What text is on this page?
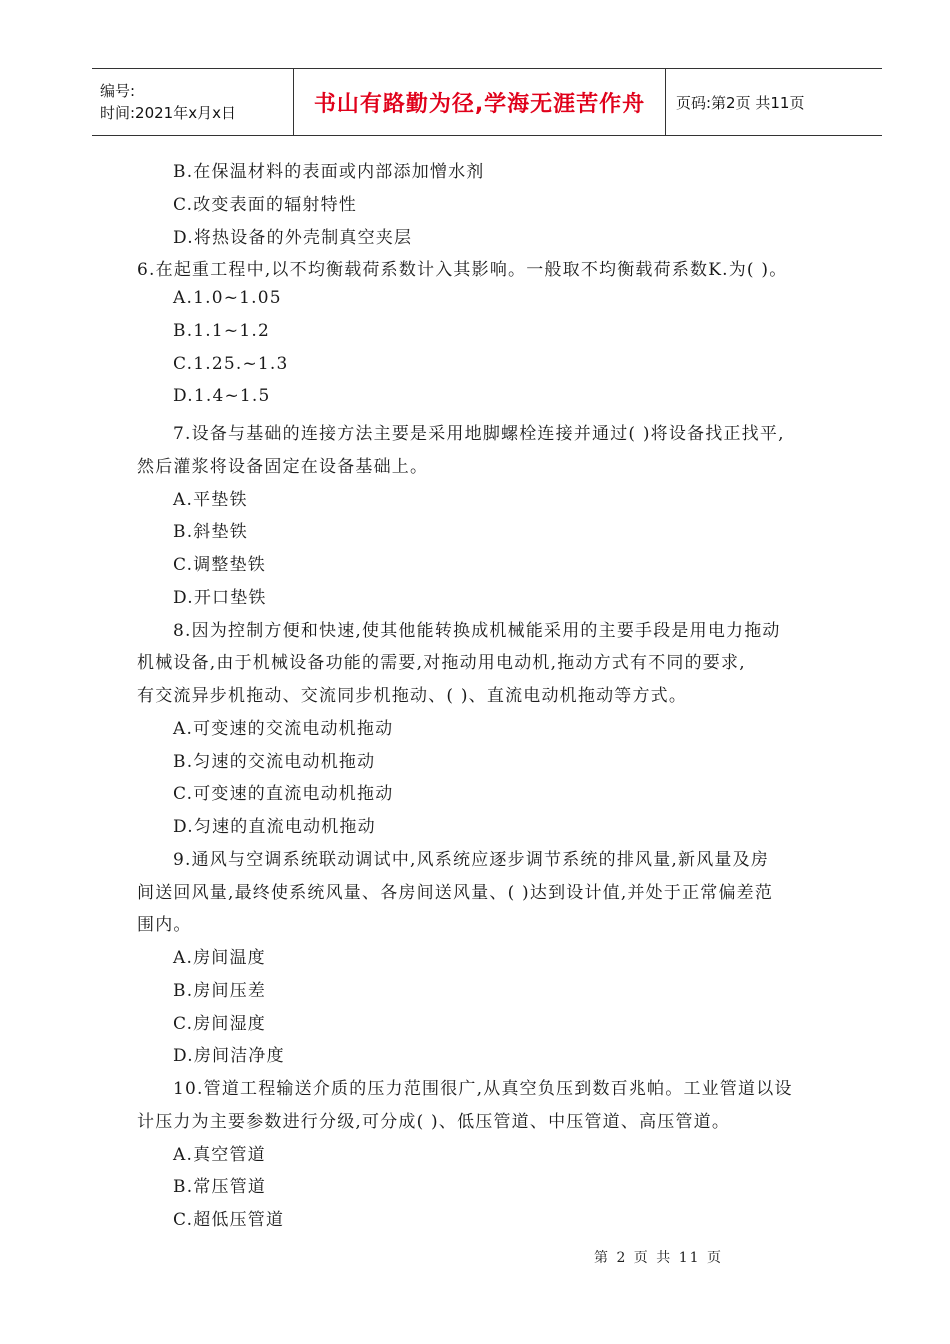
编号:
时间:2021年x月x日	书山有路勤为径,学海无涯苦作舟	页码:第2页 共11页
B.在保温材料的表面或内部添加憎水剂
C.改变表面的辐射特性
D.将热设备的外壳制真空夹层
6.在起重工程中,以不均衡载荷系数计入其影响。一般取不均衡载荷系数K.为( )。
A.1.0~1.05
B.1.1~1.2
C.1.25.~1.3
D.1.4~1.5
7.设备与基础的连接方法主要是采用地脚螺栓连接并通过( )将设备找正找平,
然后灌浆将设备固定在设备基础上。
A.平垫铁
B.斜垫铁
C.调整垫铁
D.开口垫铁
8.因为控制方便和快速,使其他能转换成机械能采用的主要手段是用电力拖动
机械设备,由于机械设备功能的需要,对拖动用电动机,拖动方式有不同的要求,
有交流异步机拖动、交流同步机拖动、( )、直流电动机拖动等方式。
A.可变速的交流电动机拖动
B.匀速的交流电动机拖动
C.可变速的直流电动机拖动
D.匀速的直流电动机拖动
9.通风与空调系统联动调试中,风系统应逐步调节系统的排风量,新风量及房
间送回风量,最终使系统风量、各房间送风量、( )达到设计值,并处于正常偏差范
围内。
A.房间温度
B.房间压差
C.房间湿度
D.房间洁净度
10.管道工程输送介质的压力范围很广,从真空负压到数百兆帕。工业管道以设
计压力为主要参数进行分级,可分成( )、低压管道、中压管道、高压管道。
A.真空管道
B.常压管道
C.超低压管道
第 2 页 共 11 页
